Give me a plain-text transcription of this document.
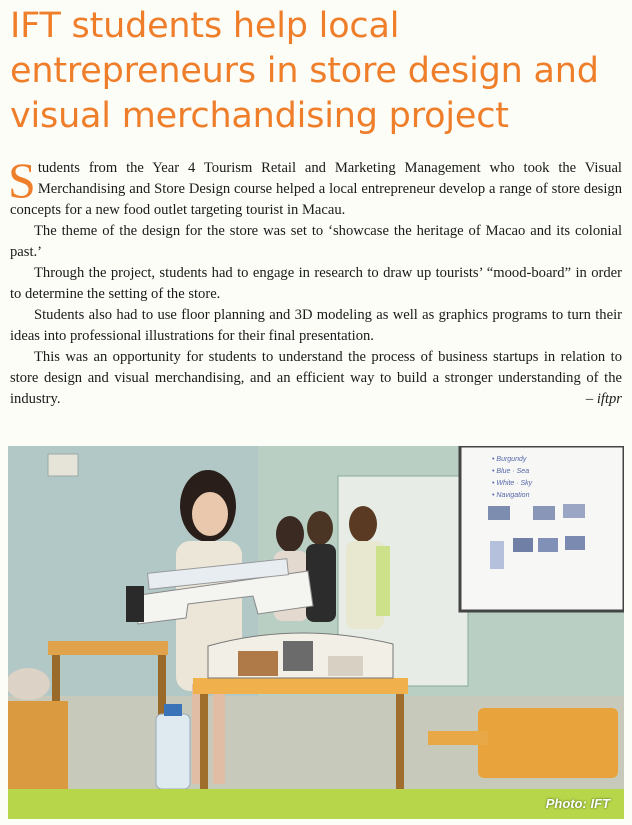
IFT students help local entrepreneurs in store design and visual merchandising project

Students from the Year 4 Tourism Retail and Marketing Management who took the Visual Merchandising and Store Design course helped a local entrepreneur develop a range of store design concepts for a new food outlet targeting tourist in Macau.

The theme of the design for the store was set to ‘showcase the heritage of Macao and its colonial past.’

Through the project, students had to engage in research to draw up tourists’ “mood-board” in order to determine the setting of the store.

Students also had to use floor planning and 3D modeling as well as graphics programs to turn their ideas into professional illustrations for their final presentation.

This was an opportunity for students to understand the process of business startups in relation to store design and visual merchandising, and an efficient way to build a stronger understanding of the industry.	– iftpr

• Burgundy
• Blue · Sea
• White · Sky
• Navigation
Photo: IFT
